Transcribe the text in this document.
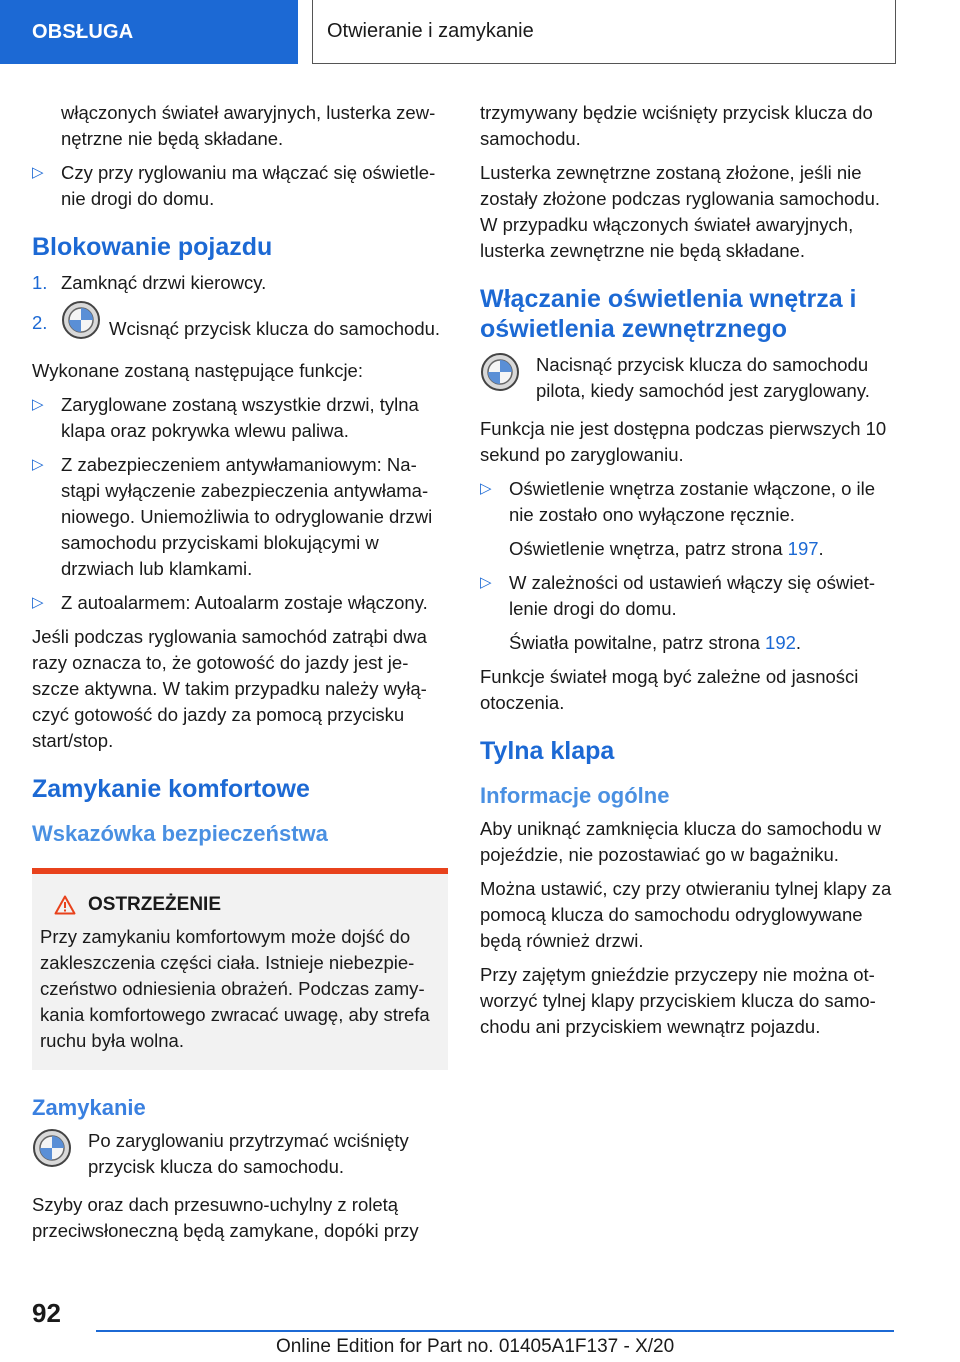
OBSŁUGA	Otwieranie i zamykanie

włączonych świateł awaryjnych, lusterka zewnętrzne nie będą składane.

▷ Czy przy ryglowaniu ma włączać się oświetlenie drogi do domu.
Blokowanie pojazdu
1. Zamknąć drzwi kierowcy.
2.	Wcisnąć przycisk klucza do samochodu.

Wykonane zostaną następujące funkcje:

▷ Zaryglowane zostaną wszystkie drzwi, tylna klapa oraz pokrywka wlewu paliwa.
▷ Z zabezpieczeniem antywłamaniowym: Nastąpi wyłączenie zabezpieczenia antywłamaniowego. Uniemożliwia to odryglowanie drzwi samochodu przyciskami blokującymi w drzwiach lub klamkami.
▷ Z autoalarmem: Autoalarm zostaje włączony.

Jeśli podczas ryglowania samochód zatrąbi dwa razy oznacza to, że gotowość do jazdy jest jeszcze aktywna. W takim przypadku należy wyłączyć gotowość do jazdy za pomocą przycisku start/stop.

Zamykanie komfortowe
Wskazówka bezpieczeństwa
OSTRZEŻENIE
Przy zamykaniu komfortowym może dojść do zakleszczenia części ciała. Istnieje niebezpieczeństwo odniesienia obrażeń. Podczas zamykania komfortowego zwracać uwagę, aby strefa ruchu była wolna.
Zamykanie
Po zaryglowaniu przytrzymać wciśnięty przycisk klucza do samochodu.

Szyby oraz dach przesuwno-uchylny z roletą przeciwsłoneczną będą zamykane, dopóki przy

trzymywany będzie wciśnięty przycisk klucza do samochodu.

Lusterka zewnętrzne zostaną złożone, jeśli nie zostały złożone podczas ryglowania samochodu. W przypadku włączonych świateł awaryjnych, lusterka zewnętrzne nie będą składane.

Włączanie oświetlenia wnętrza i oświetlenia zewnętrznego
Nacisnąć przycisk klucza do samochodu pilota, kiedy samochód jest zaryglowany.

Funkcja nie jest dostępna podczas pierwszych 10 sekund po zaryglowaniu.

▷ Oświetlenie wnętrza zostanie włączone, o ile nie zostało ono wyłączone ręcznie.

Oświetlenie wnętrza, patrz strona 197.

▷ W zależności od ustawień włączy się oświetlenie drogi do domu.

Światła powitalne, patrz strona 192.

Funkcje świateł mogą być zależne od jasności otoczenia.

Tylna klapa
Informacje ogólne

Aby uniknąć zamknięcia klucza do samochodu w pojeździe, nie pozostawiać go w bagażniku.

Można ustawić, czy przy otwieraniu tylnej klapy za pomocą klucza do samochodu odryglowywane będą również drzwi.

Przy zajętym gnieździe przyczepy nie można otworzyć tylnej klapy przyciskiem klucza do samochodu ani przyciskiem wewnątrz pojazdu.

92
Online Edition for Part no. 01405A1F137 - X/20
